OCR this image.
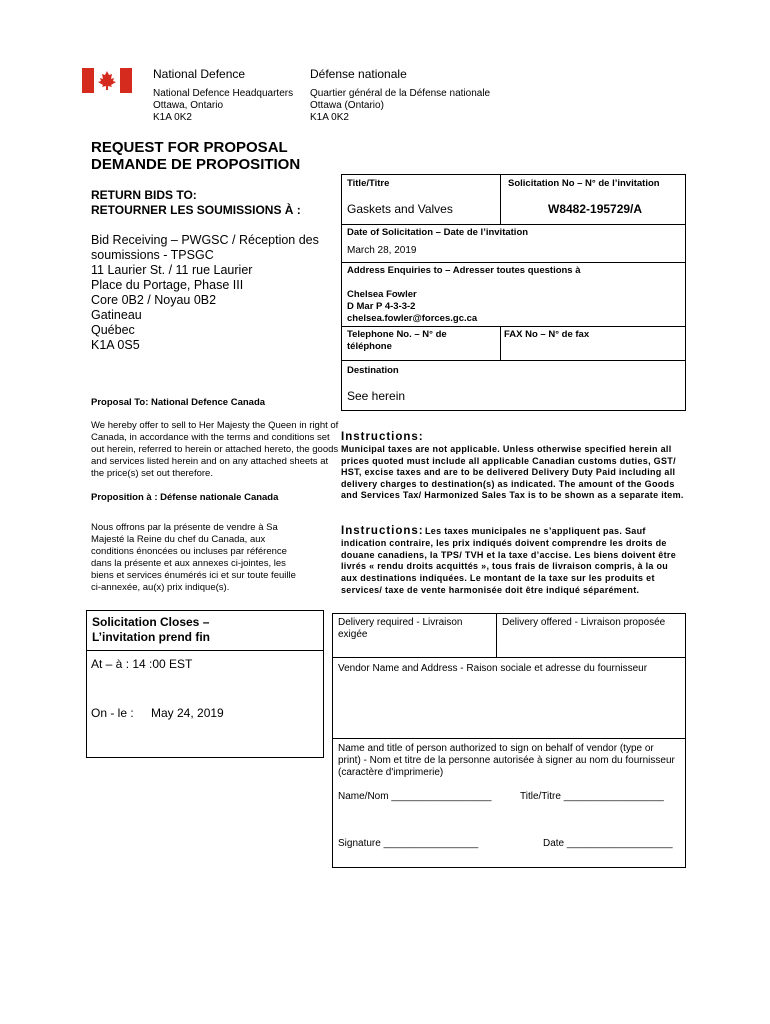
National Defence	Défense nationale
National Defence Headquarters
Ottawa, Ontario
K1A 0K2
Quartier général de la Défense nationale
Ottawa (Ontario)
K1A 0K2
REQUEST FOR PROPOSAL
DEMANDE DE PROPOSITION
RETURN BIDS TO:
RETOURNER LES SOUMISSIONS À :
Bid Receiving – PWGSC / Réception des soumissions - TPSGC
11 Laurier St. / 11 rue Laurier
Place du Portage, Phase III
Core 0B2 / Noyau 0B2
Gatineau
Québec
K1A 0S5
Proposal To: National Defence Canada
We hereby offer to sell to Her Majesty the Queen in right of Canada, in accordance with the terms and conditions set out herein, referred to herein or attached hereto, the goods and services listed herein and on any attached sheets at the price(s) set out therefore.
Proposition à : Défense nationale Canada
Nous offrons par la présente de vendre à Sa Majesté la Reine du chef du Canada, aux conditions énoncées ou incluses par référence dans la présente et aux annexes ci-jointes, les biens et services énumérés ici et sur toute feuille ci-annexée, au(x) prix indique(s).
Solicitation Closes –
L’invitation prend fin
At – à : 14 :00 EST
On - le : May 24, 2019
Title/Titre
Gaskets and Valves
Solicitation No – N° de l’invitation
W8482-195729/A
Date of Solicitation – Date de l’invitation
March 28, 2019
Address Enquiries to – Adresser toutes questions à
Chelsea Fowler
D Mar P 4-3-3-2
chelsea.fowler@forces.gc.ca
Telephone No. – N° de
téléphone
FAX No – N° de fax
Destination
See herein
Instructions:
Municipal taxes are not applicable. Unless otherwise specified herein all prices quoted must include all applicable Canadian customs duties, GST/ HST, excise taxes and are to be delivered Delivery Duty Paid including all delivery charges to destination(s) as indicated. The amount of the Goods and Services Tax/ Harmonized Sales Tax is to be shown as a separate item.
Instructions: Les taxes municipales ne s’appliquent pas. Sauf indication contraire, les prix indiqués doivent comprendre les droits de douane canadiens, la TPS/ TVH et la taxe d’accise. Les biens doivent être livrés « rendu droits acquittés », tous frais de livraison compris, à la ou aux destinations indiquées. Le montant de la taxe sur les produits et services/ taxe de vente harmonisée doit être indiqué séparément.
Delivery required - Livraison exigée
Delivery offered - Livraison proposée
Vendor Name and Address - Raison sociale et adresse du fournisseur
Name and title of person authorized to sign on behalf of vendor (type or print) - Nom et titre de la personne autorisée à signer au nom du fournisseur (caractère d'imprimerie)
Name/Nom __________________	Title/Titre __________________
Signature _________________	Date ___________________
